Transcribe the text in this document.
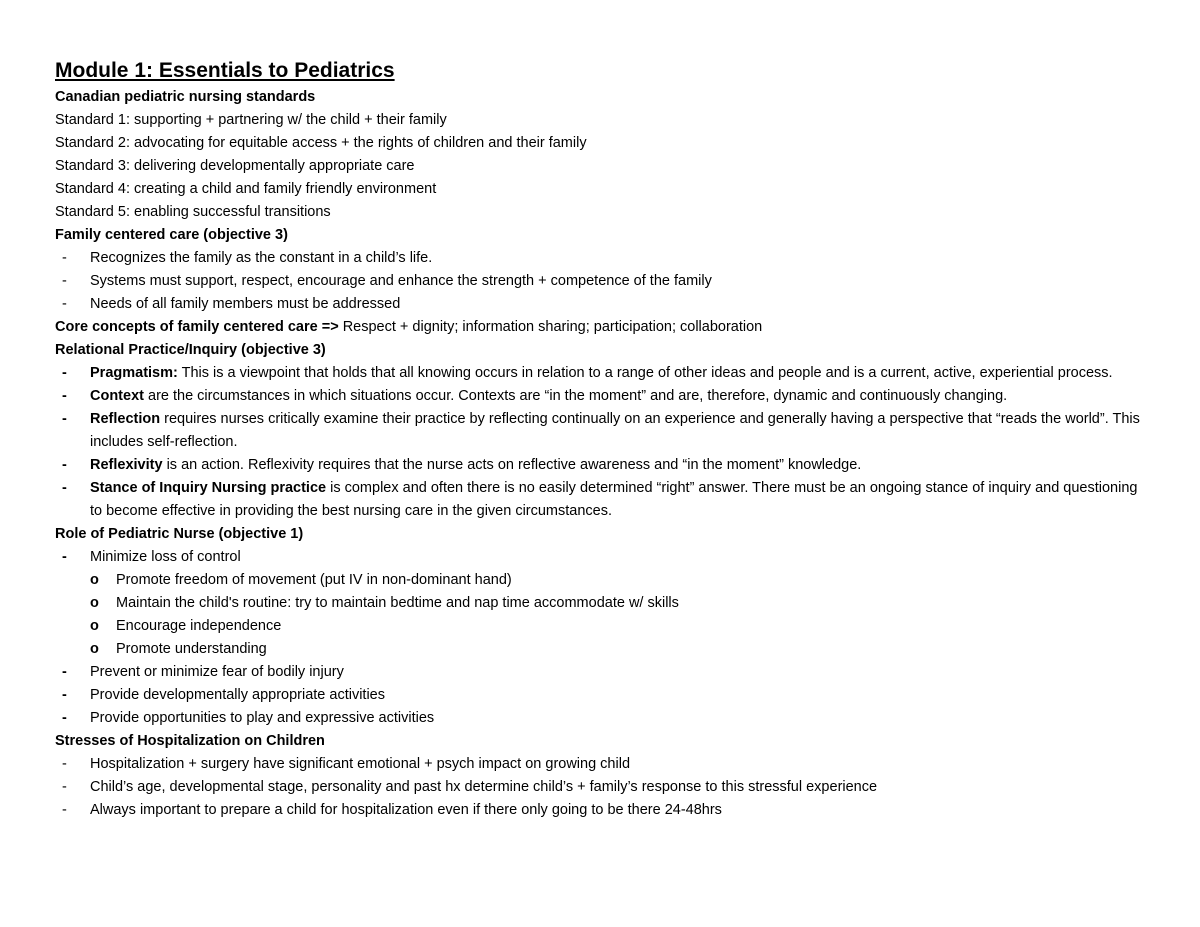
Module 1: Essentials to Pediatrics

Canadian pediatric nursing standards

Standard 1: supporting + partnering w/ the child + their family

Standard 2: advocating for equitable access + the rights of children and their family

Standard 3: delivering developmentally appropriate care

Standard 4: creating a child and family friendly environment

Standard 5: enabling successful transitions

Family centered care (objective 3)

-	Recognizes the family as the constant in a child’s life.
-	Systems must support, respect, encourage and enhance the strength + competence of the family
-	Needs of all family members must be addressed

Core concepts of family centered care => Respect + dignity; information sharing; participation; collaboration

Relational Practice/Inquiry (objective 3)

-	Pragmatism: This is a viewpoint that holds that all knowing occurs in relation to a range of other ideas and people and is a current, active, experiential process.
-	Context are the circumstances in which situations occur. Contexts are “in the moment” and are, therefore, dynamic and continuously changing.
-	Reflection requires nurses critically examine their practice by reflecting continually on an experience and generally having a perspective that “reads the world”. This includes self-reflection.
-	Reflexivity is an action. Reflexivity requires that the nurse acts on reflective awareness and “in the moment” knowledge.
-	Stance of Inquiry Nursing practice is complex and often there is no easily determined “right” answer. There must be an ongoing stance of inquiry and questioning to become effective in providing the best nursing care in the given circumstances.

Role of Pediatric Nurse (objective 1)

-	Minimize loss of control
o	Promote freedom of movement (put IV in non-dominant hand)
o	Maintain the child's routine: try to maintain bedtime and nap time accommodate w/ skills
o	Encourage independence
o	Promote understanding
-	Prevent or minimize fear of bodily injury
-	Provide developmentally appropriate activities
-	Provide opportunities to play and expressive activities

Stresses of Hospitalization on Children

-	Hospitalization + surgery have significant emotional + psych impact on growing child
-	Child’s age, developmental stage, personality and past hx determine child’s + family’s response to this stressful experience
-	Always important to prepare a child for hospitalization even if there only going to be there 24-48hrs
